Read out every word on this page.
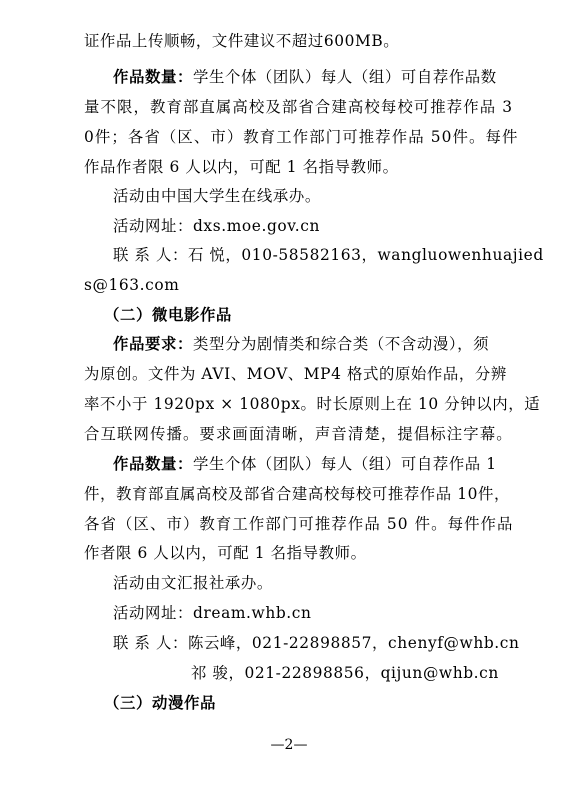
证作品上传顺畅，文件建议不超过600MB。
作品数量：学生个体（团队）每人（组）可自荐作品数
量不限，教育部直属高校及部省合建高校每校可推荐作品 3
0件；各省（区、市）教育工作部门可推荐作品 50件。每件
作品作者限 6 人以内，可配 1 名指导教师。
活动由中国大学生在线承办。
活动网址：dxs.moe.gov.cn
联 系 人：石 悦，010-58582163，wangluowenhuajied
s@163.com
（二）微电影作品
作品要求：类型分为剧情类和综合类（不含动漫），须
为原创。文件为 AVI、MOV、MP4 格式的原始作品，分辨
率不小于 1920px × 1080px。时长原则上在 10 分钟以内，适
合互联网传播。要求画面清晰，声音清楚，提倡标注字幕。
作品数量：学生个体（团队）每人（组）可自荐作品 1
件，教育部直属高校及部省合建高校每校可推荐作品 10件，
各省（区、市）教育工作部门可推荐作品 50 件。每件作品
作者限 6 人以内，可配 1 名指导教师。
活动由文汇报社承办。
活动网址：dream.whb.cn
联 系 人：陈云峰，021-22898857，chenyf@whb.cn
祁 骏，021-22898856，qijun@whb.cn
（三）动漫作品
—2—
